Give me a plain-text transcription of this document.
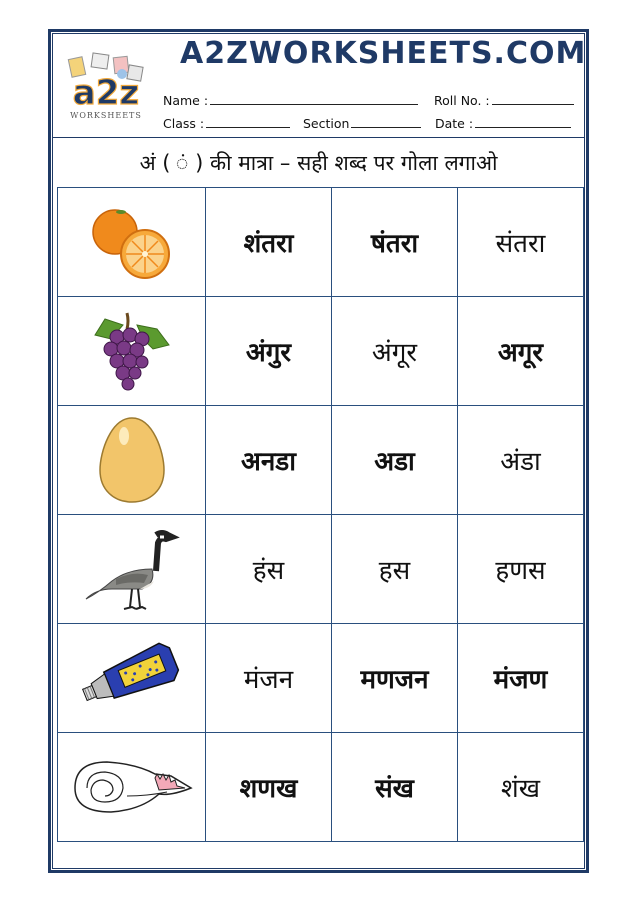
a2z
WORKSHEETS
A2ZWORKSHEETS.COM
Name :	Roll No. :
Class :	Section	Date :
अं ( ं ) की मात्रा – सही शब्द पर गोला लगाओ
	शंतरा	षंतरा	संतरा

	अंगुर	अंगूर	अगूर

	अनडा	अडा	अंडा

	हंस	हस	हणस

	मंजन	मणजन	मंजण

	शणख	संख	शंख
